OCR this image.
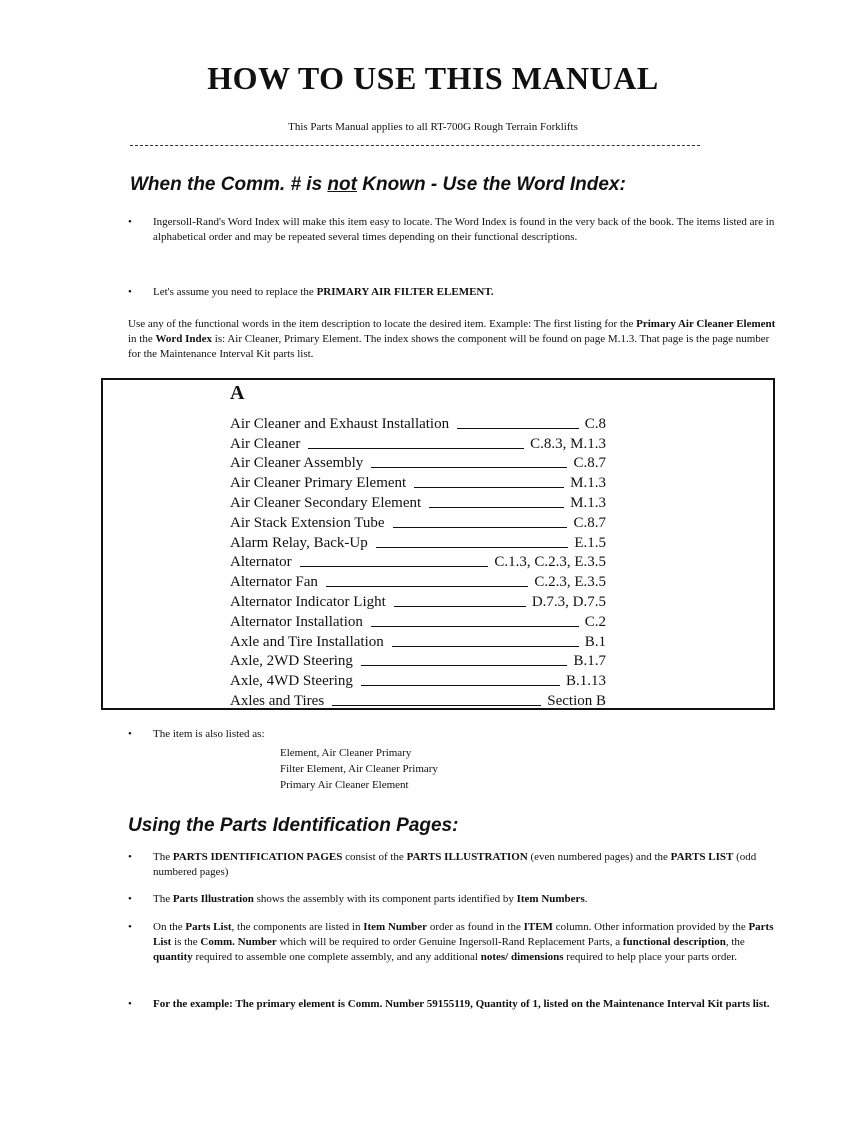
HOW TO USE THIS MANUAL
This Parts Manual applies to all RT-700G Rough Terrain Forklifts
When the Comm. # is not Known - Use the Word Index:
• Ingersoll-Rand's Word Index will make this item easy to locate. The Word Index is found in the very back of the book. The items listed are in alphabetical order and may be repeated several times depending on their functional descriptions.
• Let's assume you need to replace the PRIMARY AIR FILTER ELEMENT.
Use any of the functional words in the item description to locate the desired item. Example: The first listing for the Primary Air Cleaner Element in the Word Index is: Air Cleaner, Primary Element. The index shows the component will be found on page M.1.3. That page is the page number for the Maintenance Interval Kit parts list.
A
Air Cleaner and Exhaust Installation	C.8
Air Cleaner	C.8.3, M.1.3
Air Cleaner Assembly	C.8.7
Air Cleaner Primary Element	M.1.3
Air Cleaner Secondary Element	M.1.3
Air Stack Extension Tube	C.8.7
Alarm Relay, Back-Up	E.1.5
Alternator	C.1.3, C.2.3, E.3.5
Alternator Fan	C.2.3, E.3.5
Alternator Indicator Light	D.7.3, D.7.5
Alternator Installation	C.2
Axle and Tire Installation	B.1
Axle, 2WD Steering	B.1.7
Axle, 4WD Steering	B.1.13
Axles and Tires	Section B
• The item is also listed as:
Element, Air Cleaner Primary
Filter Element, Air Cleaner Primary
Primary Air Cleaner Element
Using the Parts Identification Pages:
• The PARTS IDENTIFICATION PAGES consist of the PARTS ILLUSTRATION (even numbered pages) and the PARTS LIST (odd numbered pages)
• The Parts Illustration shows the assembly with its component parts identified by Item Numbers.
• On the Parts List, the components are listed in Item Number order as found in the ITEM column. Other information provided by the Parts List is the Comm. Number which will be required to order Genuine Ingersoll-Rand Replacement Parts, a functional description, the quantity required to assemble one complete assembly, and any additional notes/ dimensions required to help place your parts order.
• For the example: The primary element is Comm. Number 59155119, Quantity of 1, listed on the Maintenance Interval Kit parts list.
